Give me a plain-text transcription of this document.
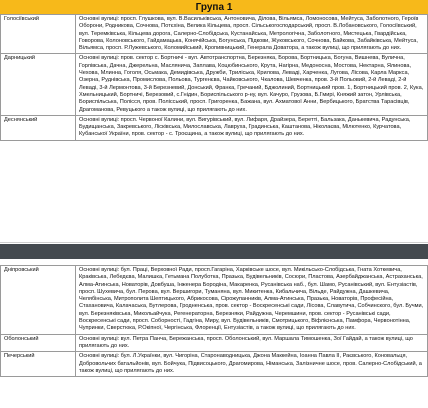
Група 1
Голосіївський	Основні вулиці: просп. Глушкова, вул. В.Васильківська, Антоновича, Ділова, Вільямса, Ломоносова, Мейтуса, Заболотного, Героїв Оборони, Родникова, Сочнова, Потєхіна, Велика Кільцева, просп. Сільськогосподарський, просп. В.Лобановського, Голосіївський, вул. Теремківська, Кільцева дорога, Салерно-Слобідська, Кустанайська, Метрологічна, Заболотного, Мистецька, Гвардійська, Говорова, Колоновського, Гайдамацька, Конячійська, Богунська, Підкови, Жуковського, Сочнова, Байкова, Забайківська, Мейтуса, Вільямса, просп. Р.Лужевського, Коломийський, Кропивницький, Генерала Доватора, а також вулиці, що прилягають до них.
Дарницький	Основні вулиці: пров. сектор с. Бортничі - вул. Автотранспортна, Березняка, Борова, Бортницька, Богуна, Вишнева, Вулична, Горлівська, Дачна, Джерельна, Маслянича, Заплава, Коцюбинського, Крута, Нагірна, Медоносна, Мостова, Нектарна, Ялинова, Чехова, Млинна, Гоголя, Осьмака, Демидівська, Дружби, Триліська, Крилова, Леваді, Харченка, Лугова, Лісова, Карла Маркса, Озерна, Руднівська, Промислова, Польова, Тургенєва, Чайковського, Чкалова, Шевченка, пров. 3-й Польовий, 2-й Леваді, 2-й Леваді, 3-й Лермонтова, 3-й Березневий, Донський, Франка, Гречаний, Бджолиний, Бортницький пров. 1, Бортницький пров. 2, Кука, Хмельницький, Бортничі, Березовий, с.Гнідин, Бориспільського р-ну, вул. Качуро, Грузова, Б.Гмирі, Княжий затон, Урлівська, Бориспільська, Полісся, пров. Полісський, просп. Григоренка, Бажана, вул. Ахматової Анни, Вербицького, Братства Тарасівців, Драгоманова, Ревуцького а також вулиці, що прилягають до них.
Деснянський	Основні вулиці: просп. Червоної Калини, вул. Вигурівський, вул. Лифаря, Драйзера, Беретті, Бальзака, Данькевича, Радунська, Будищанська, Закревського, Лісківська, Милославська, Лавруха, Градинська, Каштанова, Ніколаєва, Мілютенко, Курчатова, Кубанської України, пров. сектор - с. Троєщина, а також вулиці, що прилягають до них.
Дніпровський	Основні вулиці: бул. Праці, Верховної Ради, просп.Гагаріна, Харківське шосе, вул. Микільсько-Слобідська, Гната Хоткевича, Краківська, Лебедєва, Малишка, Гетьмана Полуботка, Празька, Будівельників, Сосюри, Пластова, Азербайджанська, Астраханська, Алма-Атинська, Новаторів, Довбуша, Інженера Бородіна, Макаренка, Русанівська наб., бул. Шамо, Русанівський, вул. Ентузіастів, просп. Шухевича, бул. Перова, вул. Вершигори, Туманяна, вул. Микитенка, Кибальчича, Вільде, Райдужна, Дашкевича, Челябінська, Митрополита Шептицького, Абрикосова, Сірожупанників, Алма-Атинська, Празька, Новаторів, Професійна, Стахановича, Калачаська, Бутлерова, Гродненська, пров. сектор - Воскресенські сади, Лісова, Славутича, Собчинского, бул. Бучми, вул. Березняківська, Микольайчука, Регенераторна, Березняки, Райдужна, Черемшини, пров. сектор - Русанівські сади, Воскресенські сади, просп. Соборності, Гадгіна, Миру, вул. Будівельників, Смотрицького, Віфлієнська, Памфора, Червонотінна, Чупринки, Сверстюка, Р.Окіпної, Чергінська, Флоренції, Ентузіастів, а також вулиці, що прилягають до них.
Оболонський	Основні вулиці: вул. Петра Панча, Бережанська, просп. Оболонський, вул. Маршала Тимошенка, Зої Гайдай, а також вулиці, що прилягають до них.
Печерський	Основні вулиці: бул. Л.Українки, вул. Чигоріна, Старонаводницька, Джона Маккейна, Іоанна Павла ІІ, Раєвського, Коновальця, Добровольчих батальйонів, вул. Бойчука, Підвисоцького, Драгомирова, Німанська, Залізничне шосе, пров. Салерно-Слобідський, а також вулиці, що прилягають до них.
